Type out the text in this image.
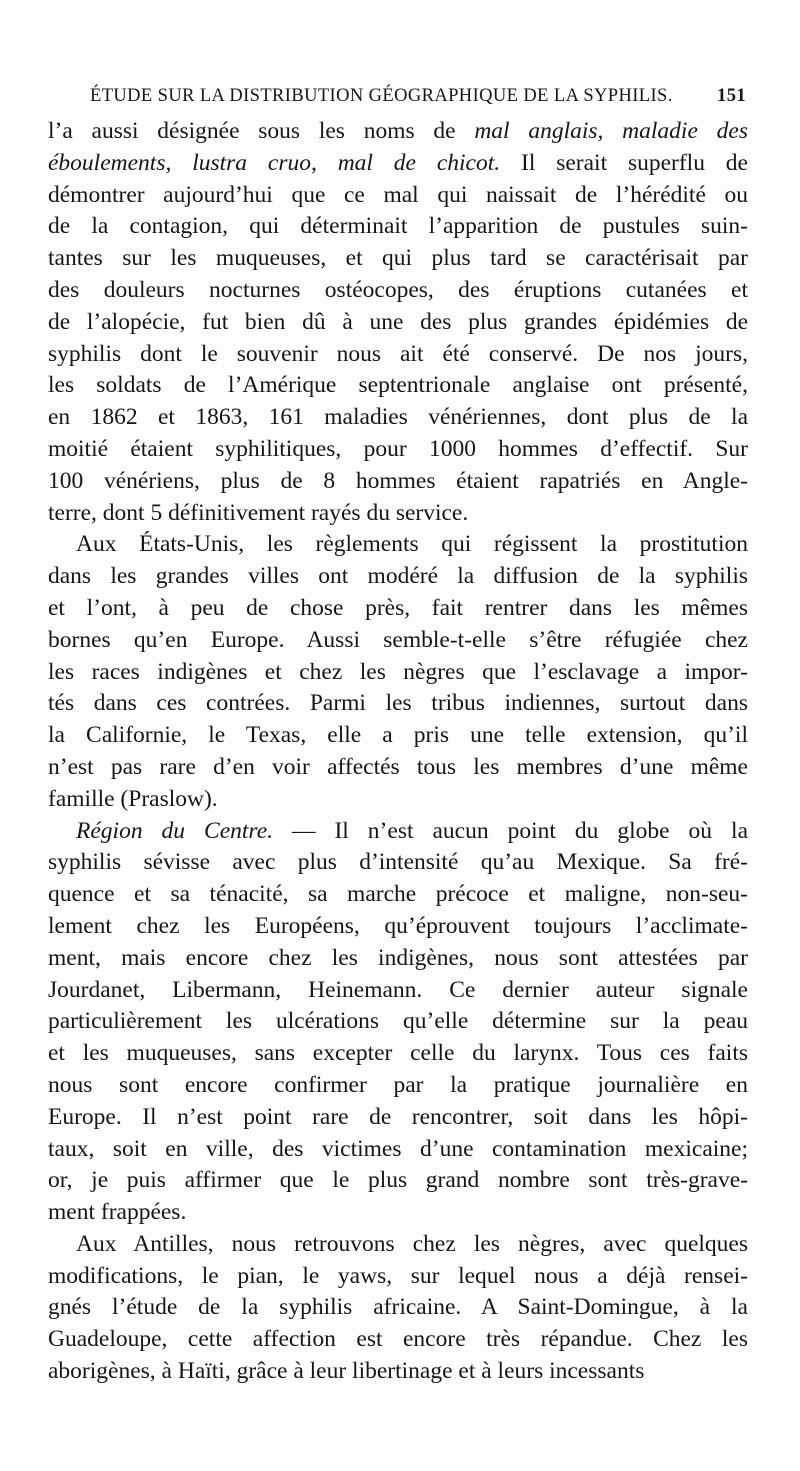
ÉTUDE SUR LA DISTRIBUTION GÉOGRAPHIQUE DE LA SYPHILIS. 151
l’a aussi désignée sous les noms de mal anglais, maladie des
éboulements, lustra cruo, mal de chicot. Il serait superflu de
démontrer aujourd’hui que ce mal qui naissait de l’hérédité ou
de la contagion, qui déterminait l’apparition de pustules suin-
tantes sur les muqueuses, et qui plus tard se caractérisait par
des douleurs nocturnes ostéocopes, des éruptions cutanées et
de l’alopécie, fut bien dû à une des plus grandes épidémies de
syphilis dont le souvenir nous ait été conservé. De nos jours,
les soldats de l’Amérique septentrionale anglaise ont présenté,
en 1862 et 1863, 161 maladies vénériennes, dont plus de la
moitié étaient syphilitiques, pour 1000 hommes d’effectif. Sur
100 vénériens, plus de 8 hommes étaient rapatriés en Angle-
terre, dont 5 définitivement rayés du service.
Aux États-Unis, les règlements qui régissent la prostitution
dans les grandes villes ont modéré la diffusion de la syphilis
et l’ont, à peu de chose près, fait rentrer dans les mêmes
bornes qu’en Europe. Aussi semble-t-elle s’être réfugiée chez
les races indigènes et chez les nègres que l’esclavage a impor-
tés dans ces contrées. Parmi les tribus indiennes, surtout dans
la Californie, le Texas, elle a pris une telle extension, qu’il
n’est pas rare d’en voir affectés tous les membres d’une même
famille (Praslow).
Région du Centre. — Il n’est aucun point du globe où la
syphilis sévisse avec plus d’intensité qu’au Mexique. Sa fré-
quence et sa ténacité, sa marche précoce et maligne, non-seu-
lement chez les Européens, qu’éprouvent toujours l’acclimate-
ment, mais encore chez les indigènes, nous sont attestées par
Jourdanet, Libermann, Heinemann. Ce dernier auteur signale
particulièrement les ulcérations qu’elle détermine sur la peau
et les muqueuses, sans excepter celle du larynx. Tous ces faits
nous sont encore confirmer par la pratique journalière en
Europe. Il n’est point rare de rencontrer, soit dans les hôpi-
taux, soit en ville, des victimes d’une contamination mexicaine;
or, je puis affirmer que le plus grand nombre sont très-grave-
ment frappées.
Aux Antilles, nous retrouvons chez les nègres, avec quelques
modifications, le pian, le yaws, sur lequel nous a déjà rensei-
gnés l’étude de la syphilis africaine. A Saint-Domingue, à la
Guadeloupe, cette affection est encore très répandue. Chez les
aborigènes, à Haïti, grâce à leur libertinage et à leurs incessants
